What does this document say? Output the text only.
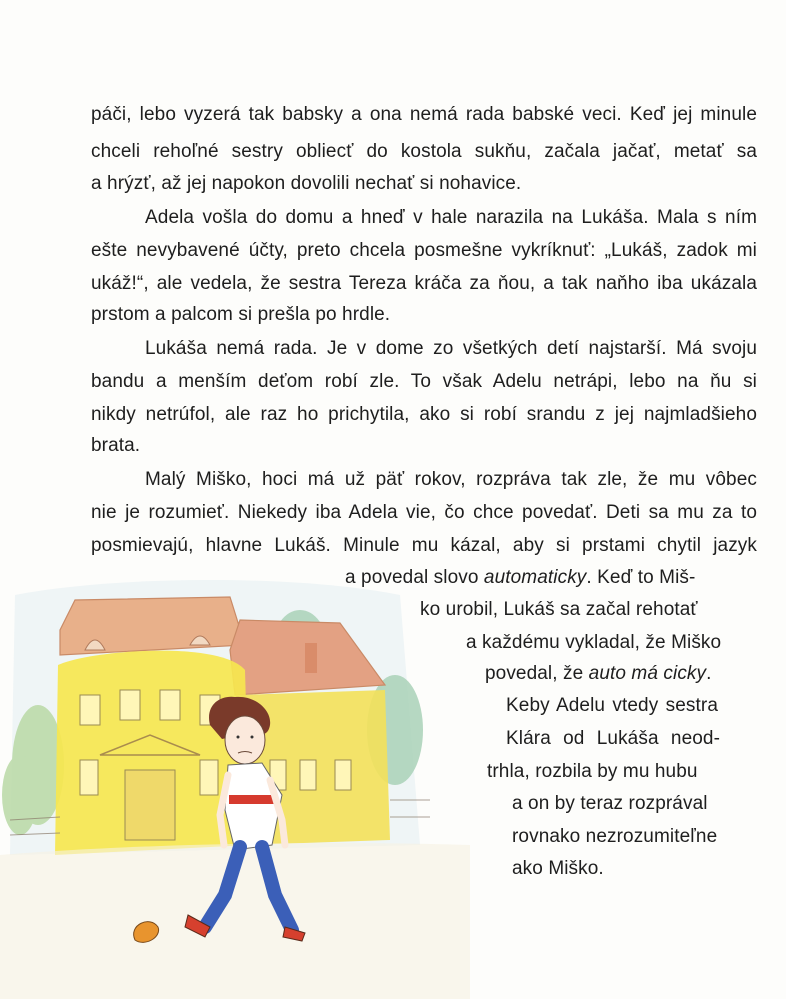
páči, lebo vyzerá tak babsky a ona nemá rada babské veci. Keď jej minule
chceli rehoľné sestry obliecť do kostola sukňu, začala jačať, metať sa
a hrýzť, až jej napokon dovolili nechať si nohavice.
Adela vošla do domu a hneď v hale narazila na Lukáša. Mala s ním
ešte nevybavené účty, preto chcela posmešne vykríknuť: „Lukáš, zadok mi
ukáž!“, ale vedela, že sestra Tereza kráča za ňou, a tak naňho iba ukázala
prstom a palcom si prešla po hrdle.
Lukáša nemá rada. Je v dome zo všetkých detí najstarší. Má svoju
bandu a menším deťom robí zle. To však Adelu netrápi, lebo na ňu si
nikdy netrúfol, ale raz ho prichytila, ako si robí srandu z jej najmladšieho
brata.
Malý Miško, hoci má už päť rokov, rozpráva tak zle, že mu vôbec
nie je rozumieť. Niekedy iba Adela vie, čo chce povedať. Deti sa mu za to
posmievajú, hlavne Lukáš. Minule mu kázal, aby si prstami chytil jazyk
a povedal slovo automaticky. Keď to Miš-
ko urobil, Lukáš sa začal rehotať
a každému vykladal, že Miško
povedal, že auto má cicky.
Keby Adelu vtedy sestra
Klára od Lukáša neod-
trhla, rozbila by mu hubu
a on by teraz rozprával
rovnako nezrozumiteľne
ako Miško.
